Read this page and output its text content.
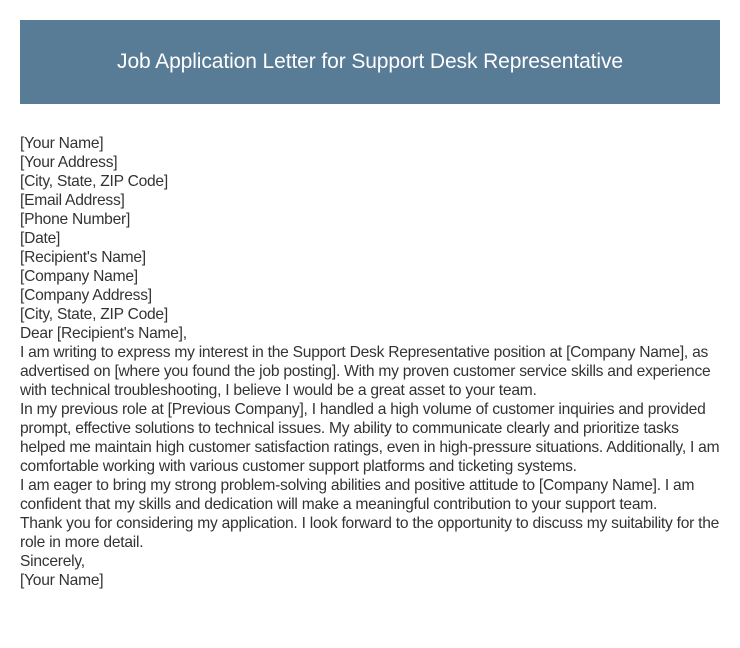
Job Application Letter for Support Desk Representative
[Your Name]
[Your Address]
[City, State, ZIP Code]
[Email Address]
[Phone Number]
[Date]
[Recipient's Name]
[Company Name]
[Company Address]
[City, State, ZIP Code]
Dear [Recipient's Name],
I am writing to express my interest in the Support Desk Representative position at [Company Name], as advertised on [where you found the job posting]. With my proven customer service skills and experience with technical troubleshooting, I believe I would be a great asset to your team.
In my previous role at [Previous Company], I handled a high volume of customer inquiries and provided prompt, effective solutions to technical issues. My ability to communicate clearly and prioritize tasks helped me maintain high customer satisfaction ratings, even in high-pressure situations. Additionally, I am comfortable working with various customer support platforms and ticketing systems.
I am eager to bring my strong problem-solving abilities and positive attitude to [Company Name]. I am confident that my skills and dedication will make a meaningful contribution to your support team.
Thank you for considering my application. I look forward to the opportunity to discuss my suitability for the role in more detail.
Sincerely,
[Your Name]
